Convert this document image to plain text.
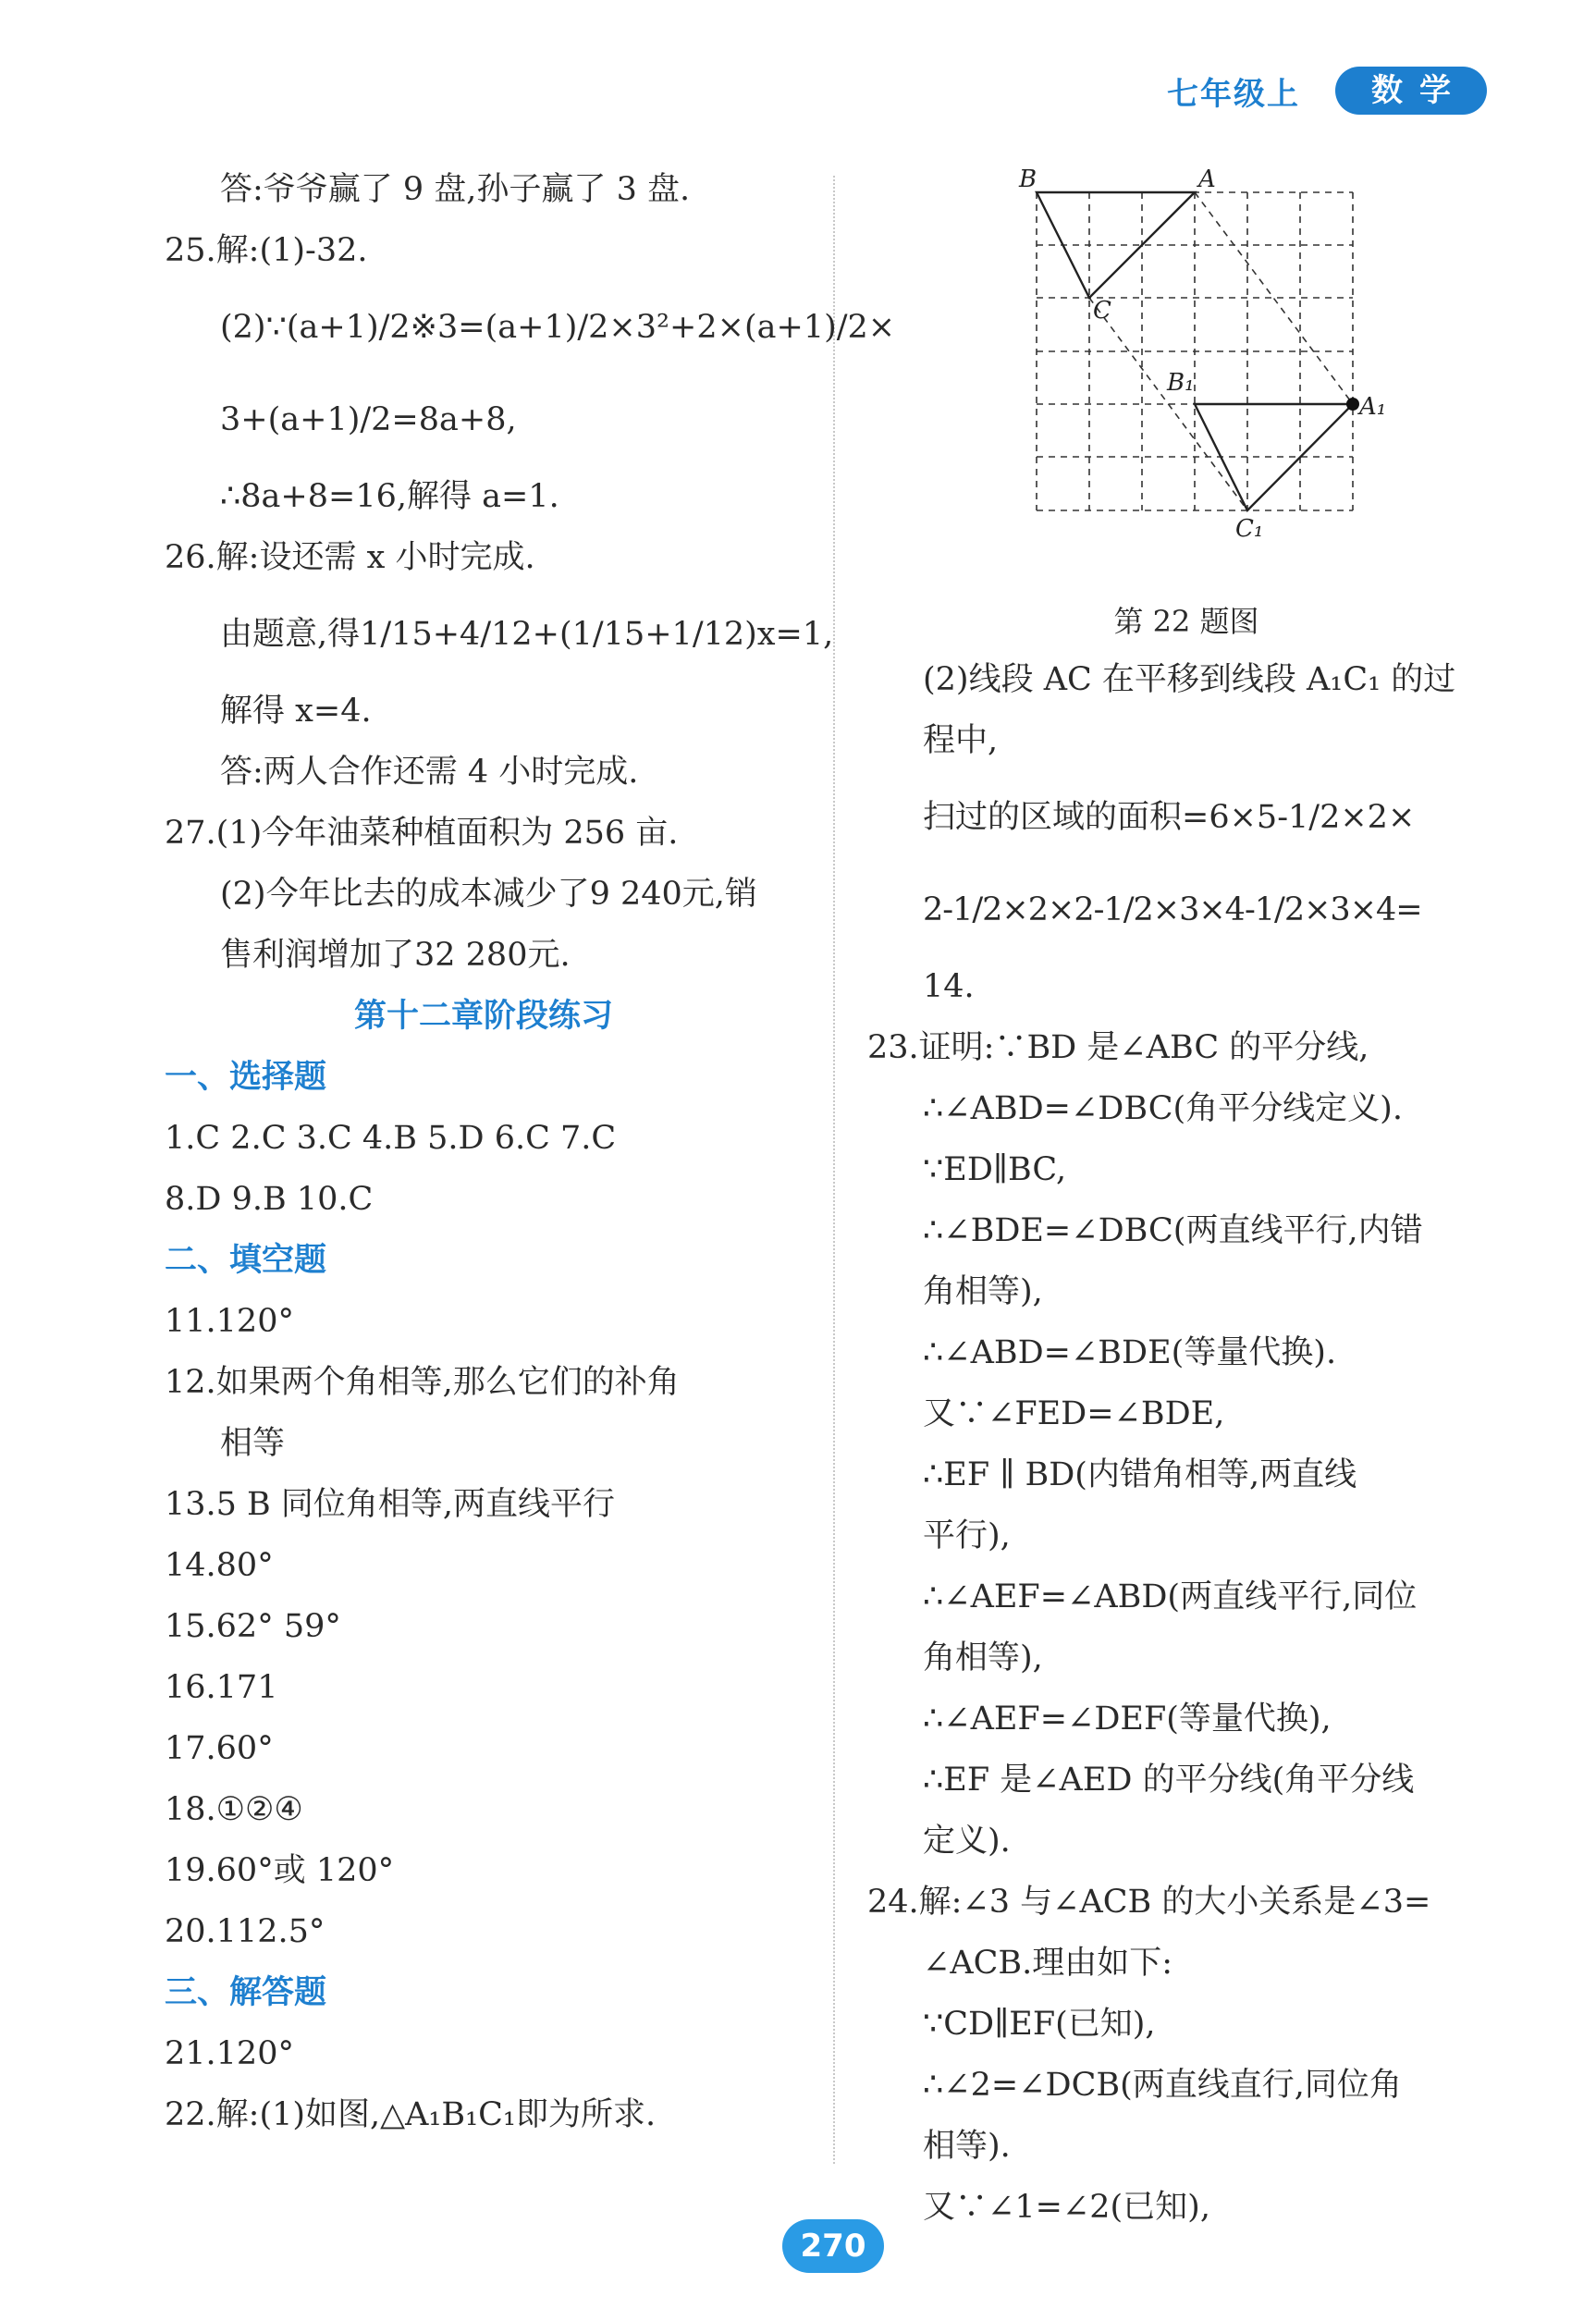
七年级上	数学
答:爷爷赢了 9 盘,孙子赢了 3 盘.
25.解:(1)-32.
(2)∵(a+1)/2※3=(a+1)/2×3²+2×(a+1)/2×
3+(a+1)/2=8a+8,
∴8a+8=16,解得 a=1.
26.解:设还需 x 小时完成.
由题意,得1/15+4/12+(1/15+1/12)x=1,
解得 x=4.
答:两人合作还需 4 小时完成.
27.(1)今年油菜种植面积为 256 亩.
(2)今年比去的成本减少了9 240元,销
售利润增加了32 280元.
第十二章阶段练习
一、选择题
1.C 2.C 3.C 4.B 5.D 6.C 7.C
8.D 9.B 10.C
二、填空题
11.120°
12.如果两个角相等,那么它们的补角
相等
13.5 B 同位角相等,两直线平行
14.80°
15.62° 59°
16.171
17.60°
18.①②④
19.60°或 120°
20.112.5°
三、解答题
21.120°
22.解:(1)如图,△A₁B₁C₁即为所求.
B	A
C
B₁
A₁
C₁
第 22 题图
(2)线段 AC 在平移到线段 A₁C₁ 的过
程中,
扫过的区域的面积=6×5-1/2×2×
2-1/2×2×2-1/2×3×4-1/2×3×4=
14.
23.证明:∵BD 是∠ABC 的平分线,
∴∠ABD=∠DBC(角平分线定义).
∵ED∥BC,
∴∠BDE=∠DBC(两直线平行,内错
角相等),
∴∠ABD=∠BDE(等量代换).
又∵∠FED=∠BDE,
∴EF ∥ BD(内错角相等,两直线
平行),
∴∠AEF=∠ABD(两直线平行,同位
角相等),
∴∠AEF=∠DEF(等量代换),
∴EF 是∠AED 的平分线(角平分线
定义).
24.解:∠3 与∠ACB 的大小关系是∠3=
∠ACB.理由如下:
∵CD∥EF(已知),
∴∠2=∠DCB(两直线直行,同位角
相等).
又∵∠1=∠2(已知),
270
